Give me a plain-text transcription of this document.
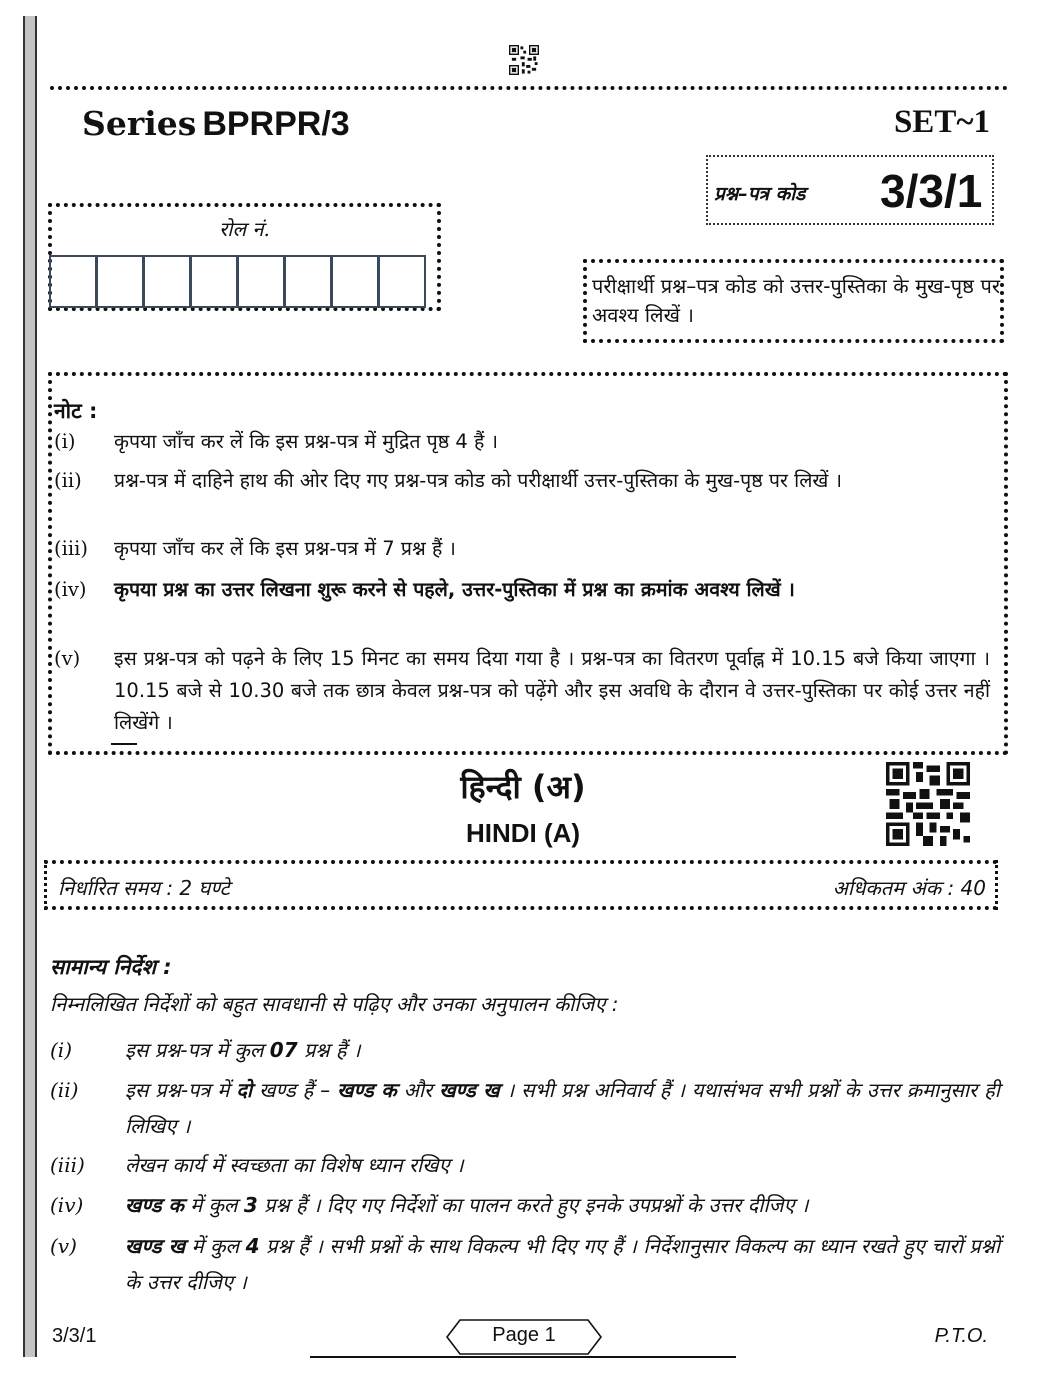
Series BPRPR/3	SET~1
प्रश्न–पत्र कोड 3/3/1
रोल नं.
परीक्षार्थी प्रश्न–पत्र कोड को उत्तर-पुस्तिका के मुख-पृष्ठ पर अवश्य लिखें ।
नोट :
(i)	कृपया जाँच कर लें कि इस प्रश्न-पत्र में मुद्रित पृष्ठ 4 हैं ।
(ii)	प्रश्न-पत्र में दाहिने हाथ की ओर दिए गए प्रश्न-पत्र कोड को परीक्षार्थी उत्तर-पुस्तिका के मुख-पृष्ठ पर लिखें ।
(iii)	कृपया जाँच कर लें कि इस प्रश्न-पत्र में 7 प्रश्न हैं ।
(iv)	कृपया प्रश्न का उत्तर लिखना शुरू करने से पहले, उत्तर-पुस्तिका में प्रश्न का क्रमांक अवश्य लिखें ।
(v)	इस प्रश्न-पत्र को पढ़ने के लिए 15 मिनट का समय दिया गया है । प्रश्न-पत्र का वितरण पूर्वाह्न में 10.15 बजे किया जाएगा । 10.15 बजे से 10.30 बजे तक छात्र केवल प्रश्न-पत्र को पढ़ेंगे और इस अवधि के दौरान वे उत्तर-पुस्तिका पर कोई उत्तर नहीं लिखेंगे ।
हिन्दी (अ)
HINDI (A)
निर्धारित समय : 2 घण्टे	अधिकतम अंक : 40
सामान्य निर्देश :
निम्नलिखित निर्देशों को बहुत सावधानी से पढ़िए और उनका अनुपालन कीजिए :
(i)	इस प्रश्न-पत्र में कुल 07 प्रश्न हैं ।
(ii)	इस प्रश्न-पत्र में दो खण्ड हैं – खण्ड क और खण्ड ख । सभी प्रश्न अनिवार्य हैं । यथासंभव सभी प्रश्नों के उत्तर क्रमानुसार ही लिखिए ।
(iii)	लेखन कार्य में स्वच्छता का विशेष ध्यान रखिए ।
(iv)	खण्ड क में कुल 3 प्रश्न हैं । दिए गए निर्देशों का पालन करते हुए इनके उपप्रश्नों के उत्तर दीजिए ।
(v)	खण्ड ख में कुल 4 प्रश्न हैं । सभी प्रश्नों के साथ विकल्प भी दिए गए हैं । निर्देशानुसार विकल्प का ध्यान रखते हुए चारों प्रश्नों के उत्तर दीजिए ।
3/3/1	Page 1	P.T.O.
